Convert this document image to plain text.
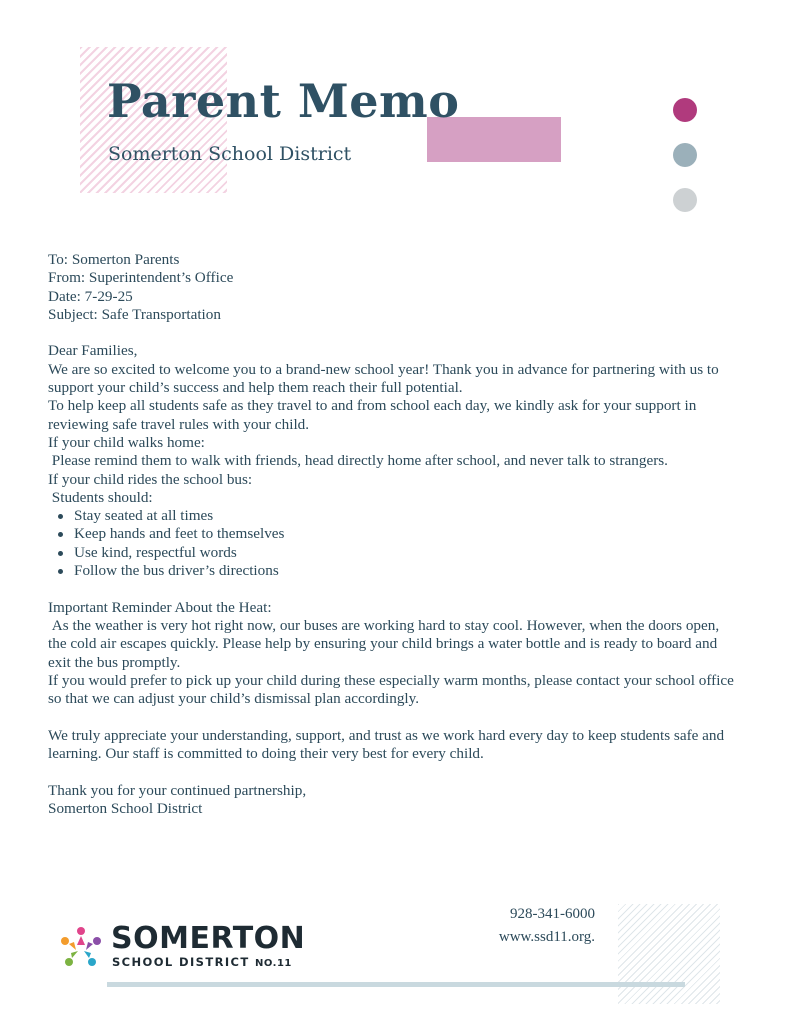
Parent Memo
Somerton School District

To: Somerton Parents

From: Superintendent’s Office

Date: 7-29-25

Subject: Safe Transportation

Dear Families,

We are so excited to welcome you to a brand-new school year! Thank you in advance for partnering with us to support your child’s success and help them reach their full potential.

To help keep all students safe as they travel to and from school each day, we kindly ask for your support in reviewing safe travel rules with your child.

If your child walks home:

Please remind them to walk with friends, head directly home after school, and never talk to strangers.

If your child rides the school bus:

Students should:

Stay seated at all times
Keep hands and feet to themselves
Use kind, respectful words
Follow the bus driver’s directions

Important Reminder About the Heat:

As the weather is very hot right now, our buses are working hard to stay cool. However, when the doors open, the cold air escapes quickly. Please help by ensuring your child brings a water bottle and is ready to board and exit the bus promptly.

If you would prefer to pick up your child during these especially warm months, please contact your school office so that we can adjust your child’s dismissal plan accordingly.

We truly appreciate your understanding, support, and trust as we work hard every day to keep students safe and learning. Our staff is committed to doing their very best for every child.

Thank you for your continued partnership,

Somerton School District

SOMERTON
SCHOOL DISTRICT NO.11
928-341-6000
www.ssd11.org.
